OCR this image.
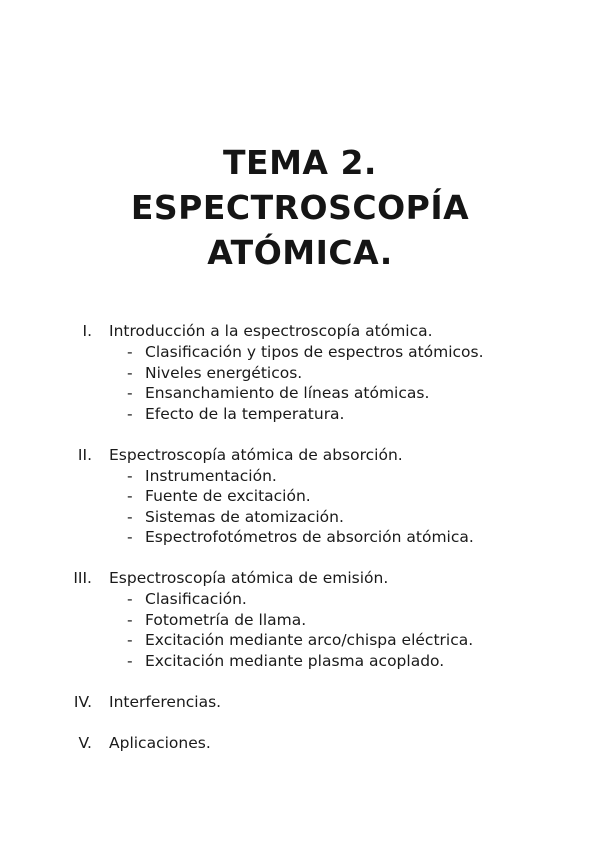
TEMA 2.
ESPECTROSCOPÍA
ATÓMICA.
I. Introducción a la espectroscopía atómica.
- Clasificación y tipos de espectros atómicos.
- Niveles energéticos.
- Ensanchamiento de líneas atómicas.
- Efecto de la temperatura.
II. Espectroscopía atómica de absorción.
- Instrumentación.
- Fuente de excitación.
- Sistemas de atomización.
- Espectrofotómetros de absorción atómica.
III. Espectroscopía atómica de emisión.
- Clasificación.
- Fotometría de llama.
- Excitación mediante arco/chispa eléctrica.
- Excitación mediante plasma acoplado.
IV. Interferencias.
V. Aplicaciones.
